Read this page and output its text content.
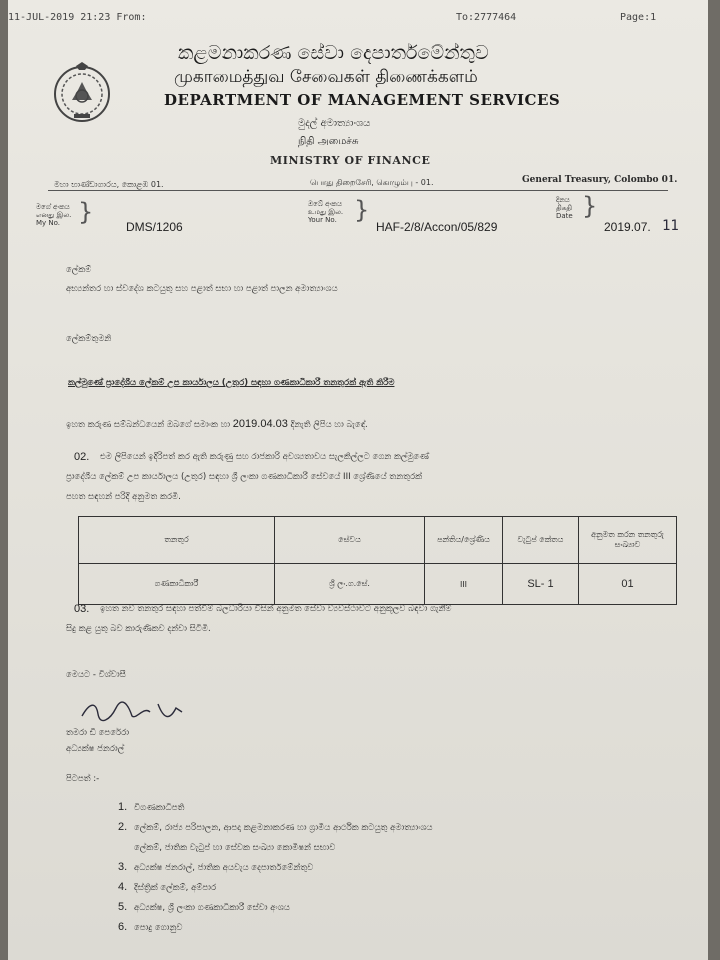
11-JUL-2019 21:23 From:	To:2777464	Page:1
කළමනාකරණ සේවා දෙපාර්තමේන්තුව
முகாமைத்துவ சேவைகள் திணைக்களம்
DEPARTMENT OF MANAGEMENT SERVICES
මුදල් අමාත්‍යාංශය
நிதி அமைச்சு
MINISTRY OF FINANCE
මහා භාණ්ඩාගාරය, කොළඹ 01.	பொது திறைசேரி, கொழும்பு - 01.	General Treasury, Colombo 01.
මගේ අංකය
எனது இல.
My No. }
DMS/1206
ඔබේ අංකය
உமது இல.
Your No. }
HAF-2/8/Accon/05/829
දිනය
திகதி
Date }
2019.07. 11
ලේකම්
අභ්‍යන්තර හා ස්වදේශ කටයුතු සහ පළාත් සභා හා පළාත් පාලන අමාත්‍යාංශය
ලේකම්තුමනි
කල්මුණේ ප්‍රාදේශීය ලේකම් උප කාර්යාලය (උතුර) සඳහා ගණකාධිකාරී තනතුරක් ඇති කිරීම
ඉහත කරුණ සම්බන්ධයෙන් ඔබගේ සමාංක හා 2019.04.03 දිනැති ලිපිය හා බැඳේ.
02. එම ලිපියෙන් ඉදිරිපත් කර ඇති කරුණු සහ රාජකාරි අවශ්‍යතාවය සැලකිල්ලට ගෙන කල්මුණේ
ප්‍රාදේශීය ලේකම් උප කාර්යාලය (උතුර) සඳහා ශ්‍රී ලංකා ගණකාධිකාරී සේවයේ III ශ්‍රේණියේ තනතුරක්
පහත සඳහන් පරිදි අනුමත කරමි.
තනතුර	සේවය	පන්තිය/ශ්‍රේණිය	වැටුප් කේතය	අනුමත කරන තනතුරු සංඛ්‍යාව
ගණකාධිකාරී	ශ්‍රී ලං.ග.සේ.	III	SL- 1	01
03. ඉහත නව තනතුර සඳහා පත්වීම් බලධාරියා විසින් අනුමත සේවා ව්‍යවස්ථාවට අනුකූලව බඳවා ගැනීම්
සිදු කළ යුතු බව කාරුණිකව දන්වා සිටිමි.
මෙයට - විශ්වාසී
තමරා ඩී පෙරේරා
අධ්‍යක්ෂ ජනරාල්
පිටපත් :-
1. විගණකාධිපති
2. ලේකම්, රාජ්‍ය පරිපාලන, ආපදා කළමනාකරණ හා ග්‍රාමීය ආර්ථික කටයුතු අමාත්‍යාංශය
ලේකම්, ජාතික වැටුප් හා සේවක සංඛ්‍යා කොමිෂන් සභාව
3. අධ්‍යක්ෂ ජනරාල්, ජාතික අයවැය දෙපාර්තමේන්තුව
4. දිස්ත්‍රික් ලේකම්, අම්පාර
5. අධ්‍යක්ෂ, ශ්‍රී ලංකා ගණකාධිකාරී සේවා අංශය
6. පොදු ගොනුව
